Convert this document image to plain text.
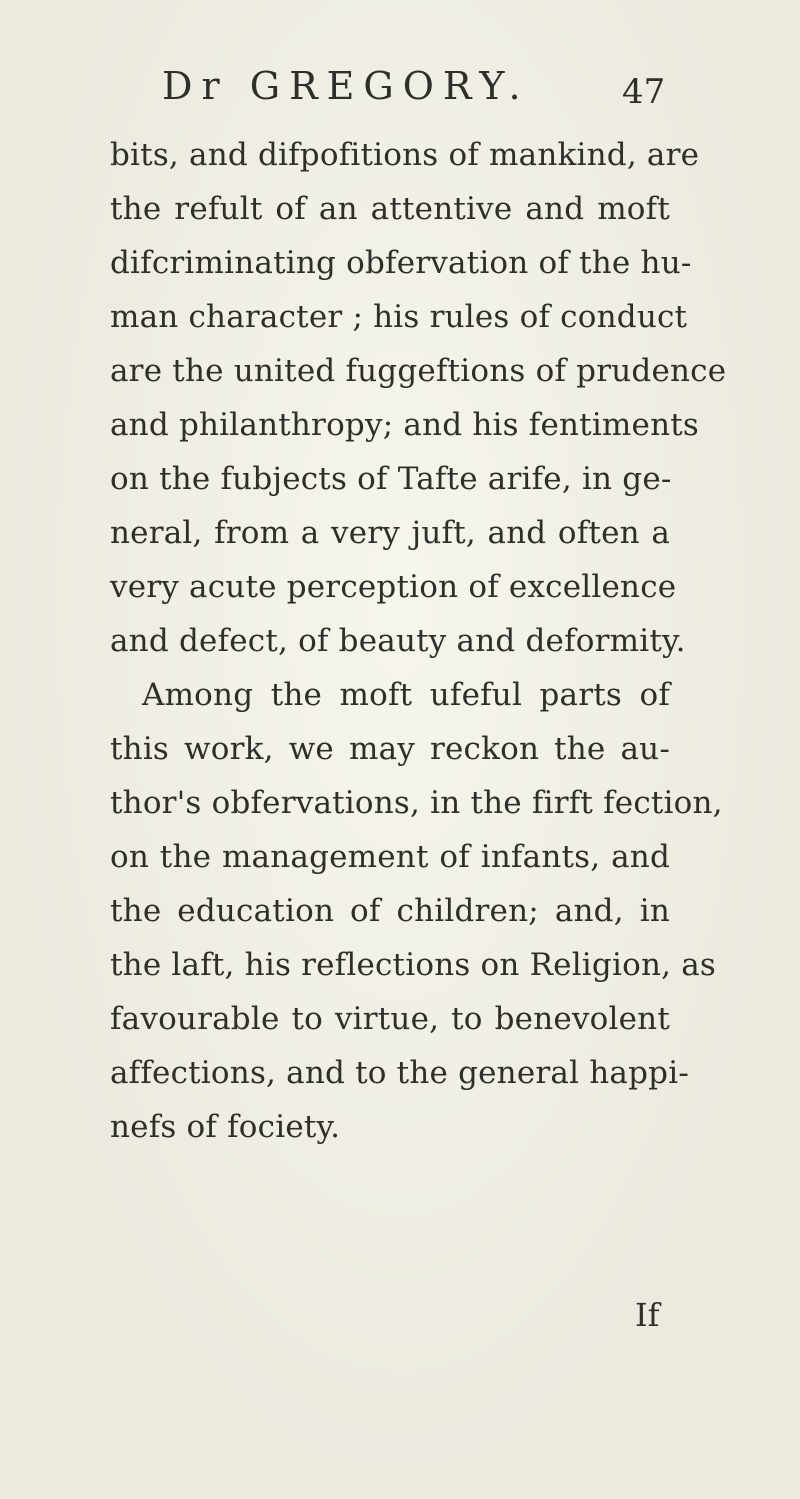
Dr GREGORY.	47
bits, and difpofitions of mankind, are
the refult of an attentive and moft
difcriminating obfervation of the hu-
man character ; his rules of conduct
are the united fuggeftions of prudence
and philanthropy; and his fentiments
on the fubjects of Tafte arife, in ge-
neral, from a very juft, and often a
very acute perception of excellence
and defect, of beauty and deformity.
Among the moft ufeful parts of
this work, we may reckon the au-
thor's obfervations, in the firft fection,
on the management of infants, and
the education of children; and, in
the laft, his reflections on Religion, as
favourable to virtue, to benevolent
affections, and to the general happi-
nefs of fociety.
If
